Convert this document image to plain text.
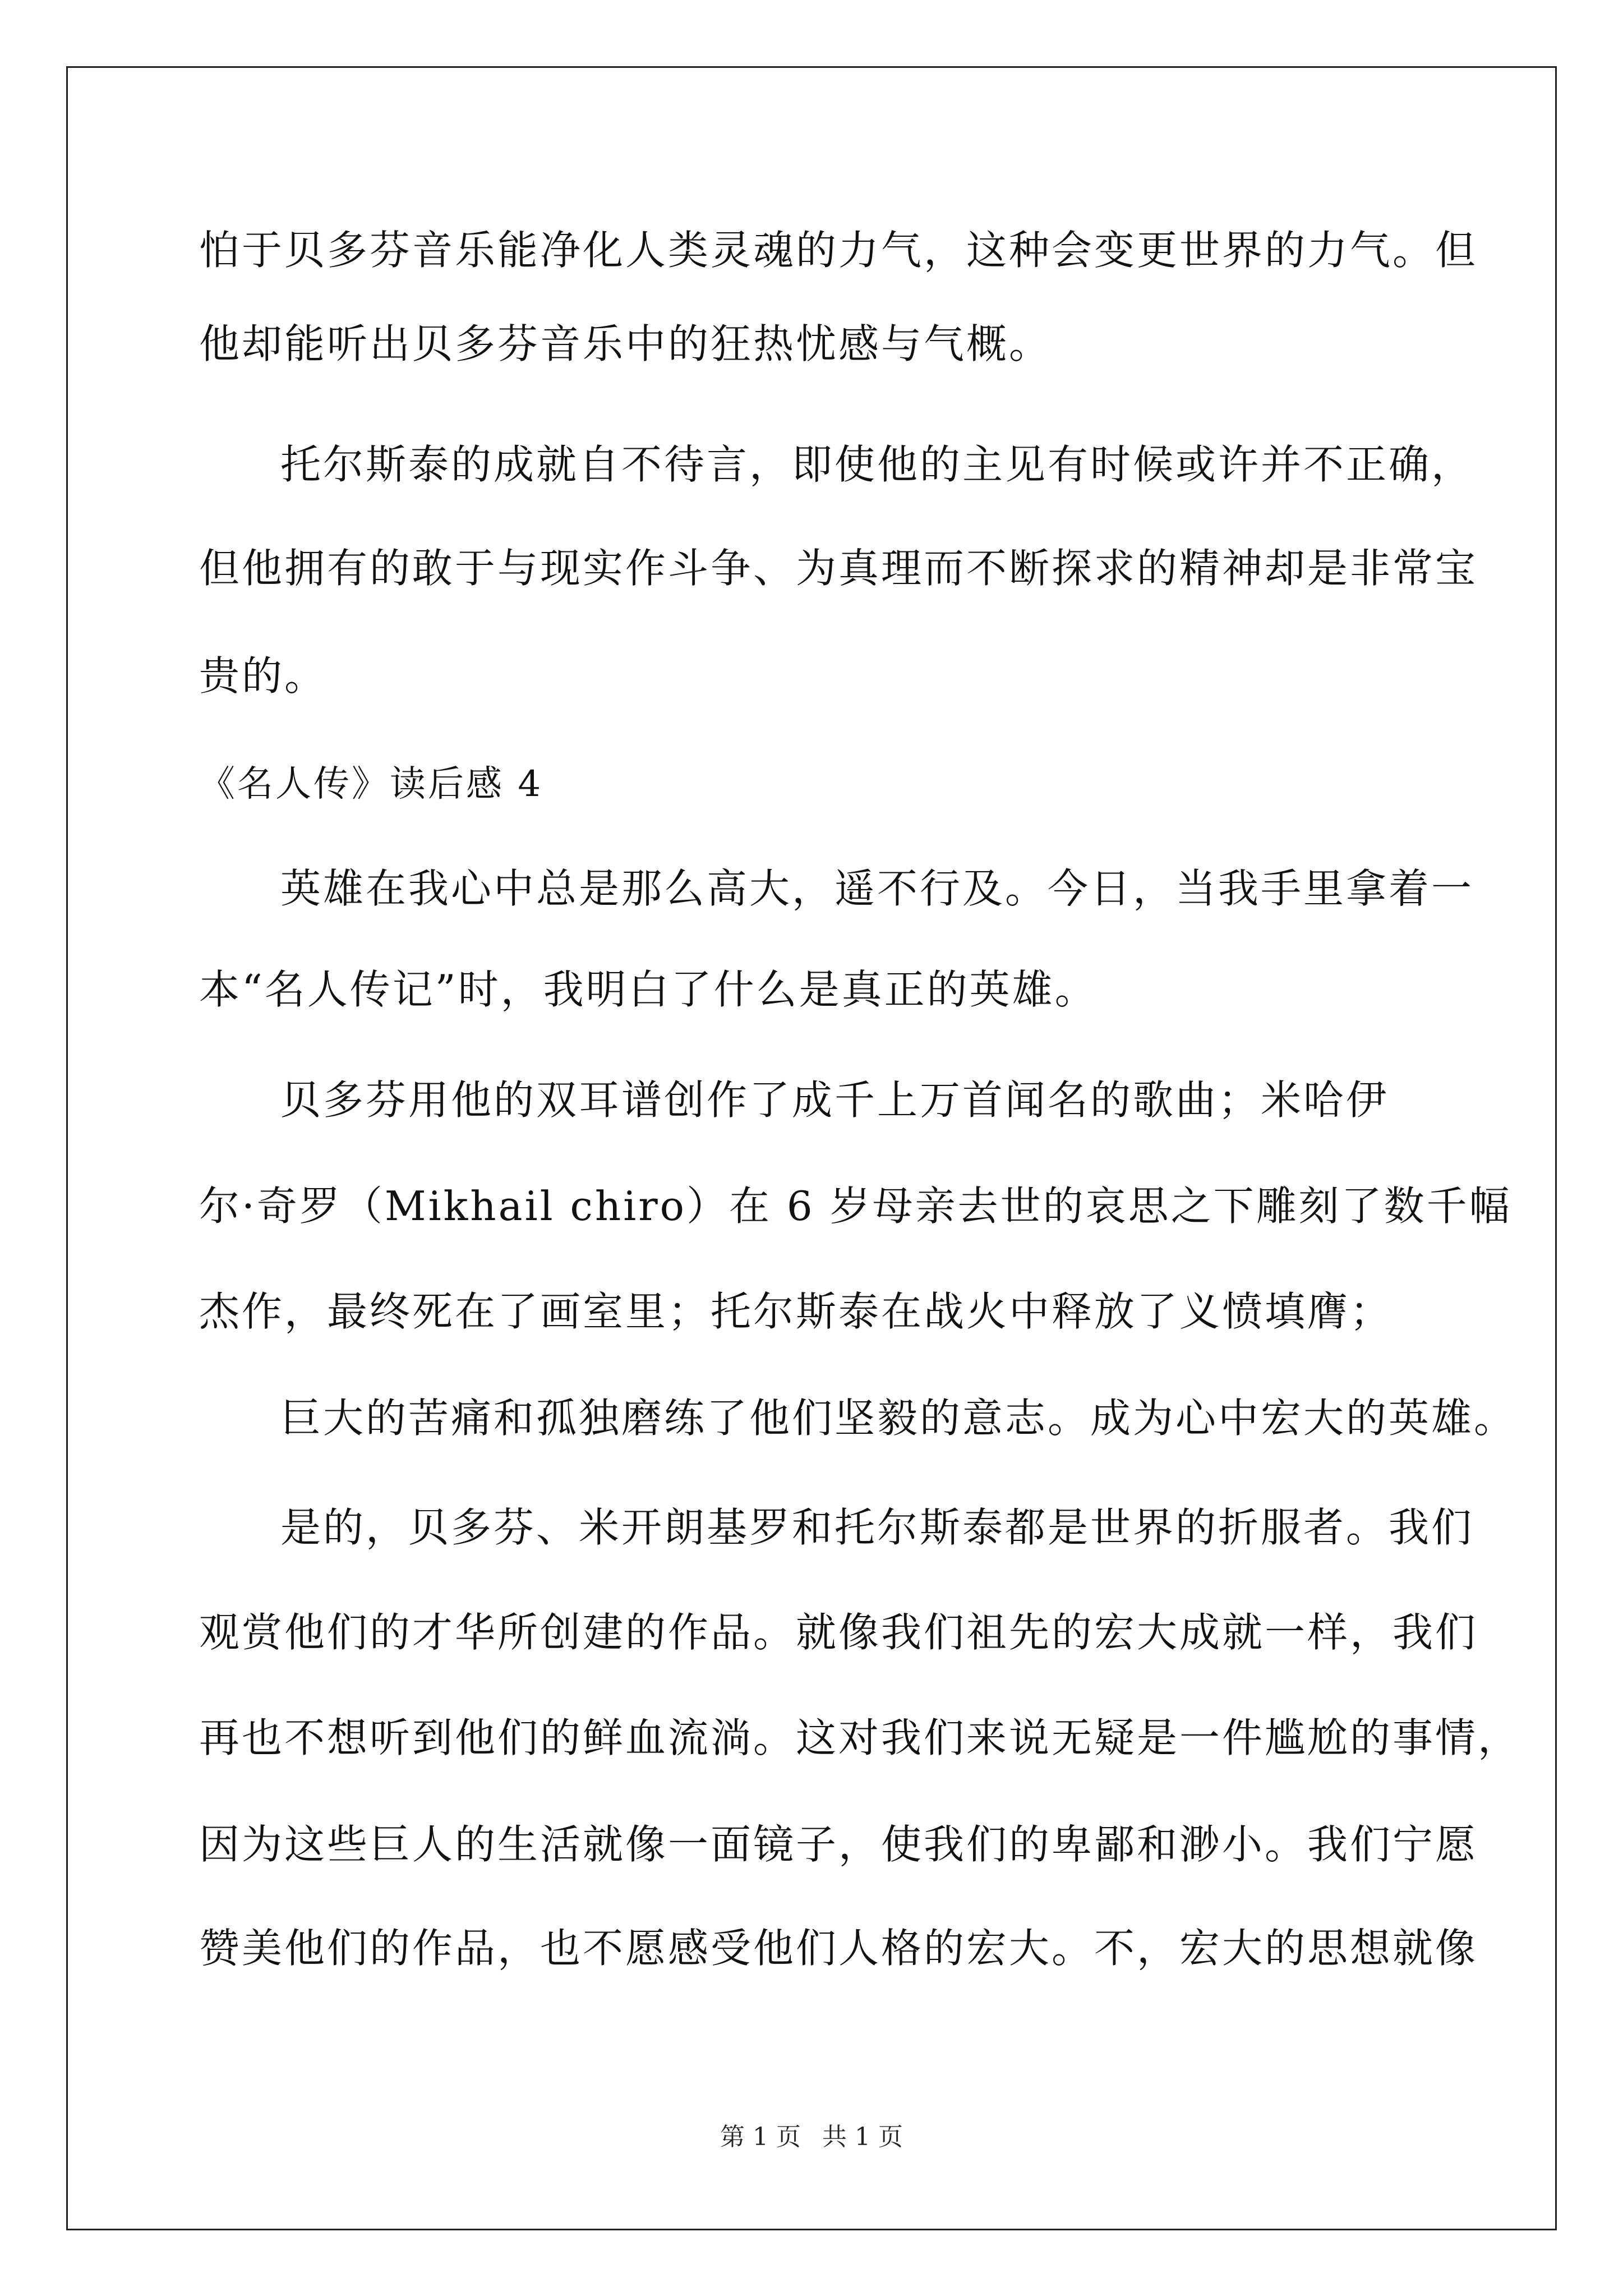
怕于贝多芬音乐能净化人类灵魂的力气，这种会变更世界的力气。但
他却能听出贝多芬音乐中的狂热忧感与气概。
托尔斯泰的成就自不待言，即使他的主见有时候或许并不正确，
但他拥有的敢于与现实作斗争、为真理而不断探求的精神却是非常宝
贵的。
《名人传》读后感 4
英雄在我心中总是那么高大，遥不行及。今日，当我手里拿着一
本“名人传记”时，我明白了什么是真正的英雄。
贝多芬用他的双耳谱创作了成千上万首闻名的歌曲；米哈伊
尔·奇罗（Mikhail chiro）在 6 岁母亲去世的哀思之下雕刻了数千幅
杰作，最终死在了画室里；托尔斯泰在战火中释放了义愤填膺；
巨大的苦痛和孤独磨练了他们坚毅的意志。成为心中宏大的英雄。
是的，贝多芬、米开朗基罗和托尔斯泰都是世界的折服者。我们
观赏他们的才华所创建的作品。就像我们祖先的宏大成就一样，我们
再也不想听到他们的鲜血流淌。这对我们来说无疑是一件尴尬的事情，
因为这些巨人的生活就像一面镜子，使我们的卑鄙和渺小。我们宁愿
赞美他们的作品，也不愿感受他们人格的宏大。不，宏大的思想就像
第 1 页 共 1 页
